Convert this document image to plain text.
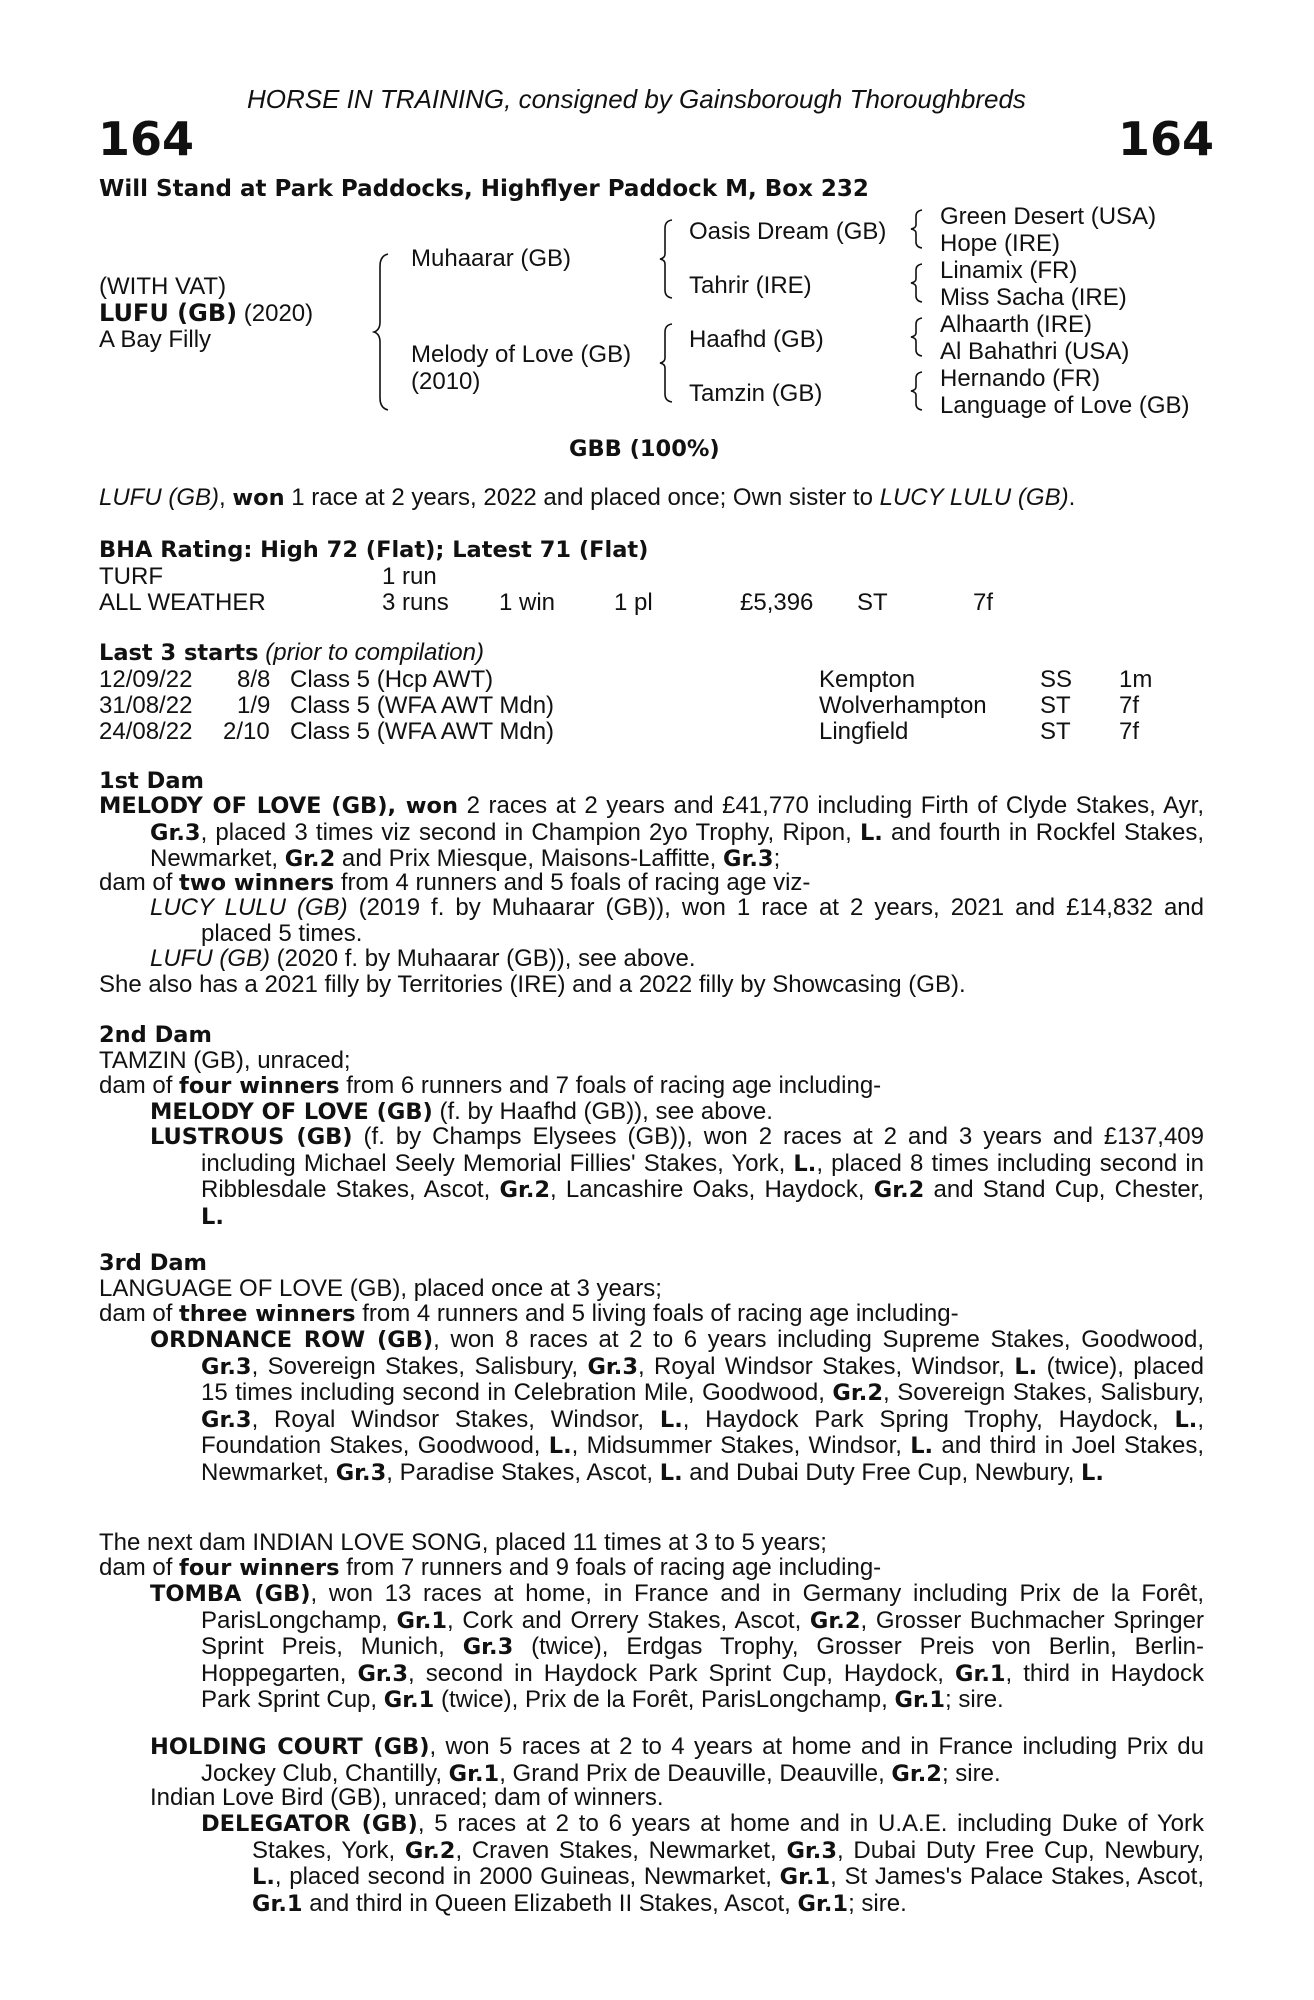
HORSE IN TRAINING, consigned by Gainsborough Thoroughbreds
164	164
Will Stand at Park Paddocks, Highflyer Paddock M, Box 232
(WITH VAT)
LUFU (GB) (2020)
A Bay Filly
Muhaarar (GB)
Melody of Love (GB)
(2010)
Oasis Dream (GB)
Tahrir (IRE)
Haafhd (GB)
Tamzin (GB)
Green Desert (USA)
Hope (IRE)
Linamix (FR)
Miss Sacha (IRE)
Alhaarth (IRE)
Al Bahathri (USA)
Hernando (FR)
Language of Love (GB)
GBB (100%)
LUFU (GB), won 1 race at 2 years, 2022 and placed once; Own sister to LUCY LULU (GB).
BHA Rating: High 72 (Flat); Latest 71 (Flat)
TURF	1 run
ALL WEATHER	3 runs 1 win 1 pl	£5,396 ST	7f
Last 3 starts (prior to compilation)
12/09/22 8/8 Class 5 (Hcp AWT)	Kempton	SS 1m
31/08/22 1/9 Class 5 (WFA AWT Mdn)	Wolverhampton ST 7f
24/08/22 2/10 Class 5 (WFA AWT Mdn)	Lingfield	ST 7f
1st Dam
MELODY OF LOVE (GB), won 2 races at 2 years and £41,770 including Firth of Clyde Stakes, Ayr, Gr.3, placed 3 times viz second in Champion 2yo Trophy, Ripon, L. and fourth in Rockfel Stakes, Newmarket, Gr.2 and Prix Miesque, Maisons-Laffitte, Gr.3;
dam of two winners from 4 runners and 5 foals of racing age viz-
LUCY LULU (GB) (2019 f. by Muhaarar (GB)), won 1 race at 2 years, 2021 and £14,832 and placed 5 times.
LUFU (GB) (2020 f. by Muhaarar (GB)), see above.
She also has a 2021 filly by Territories (IRE) and a 2022 filly by Showcasing (GB).
2nd Dam
TAMZIN (GB), unraced;
dam of four winners from 6 runners and 7 foals of racing age including-
MELODY OF LOVE (GB) (f. by Haafhd (GB)), see above.
LUSTROUS (GB) (f. by Champs Elysees (GB)), won 2 races at 2 and 3 years and £137,409 including Michael Seely Memorial Fillies' Stakes, York, L., placed 8 times including second in Ribblesdale Stakes, Ascot, Gr.2, Lancashire Oaks, Haydock, Gr.2 and Stand Cup, Chester, L.
3rd Dam
LANGUAGE OF LOVE (GB), placed once at 3 years;
dam of three winners from 4 runners and 5 living foals of racing age including-
ORDNANCE ROW (GB), won 8 races at 2 to 6 years including Supreme Stakes, Goodwood, Gr.3, Sovereign Stakes, Salisbury, Gr.3, Royal Windsor Stakes, Windsor, L. (twice), placed 15 times including second in Celebration Mile, Goodwood, Gr.2, Sovereign Stakes, Salisbury, Gr.3, Royal Windsor Stakes, Windsor, L., Haydock Park Spring Trophy, Haydock, L., Foundation Stakes, Goodwood, L., Midsummer Stakes, Windsor, L. and third in Joel Stakes, Newmarket, Gr.3, Paradise Stakes, Ascot, L. and Dubai Duty Free Cup, Newbury, L.
The next dam INDIAN LOVE SONG, placed 11 times at 3 to 5 years;
dam of four winners from 7 runners and 9 foals of racing age including-
TOMBA (GB), won 13 races at home, in France and in Germany including Prix de la Forêt, ParisLongchamp, Gr.1, Cork and Orrery Stakes, Ascot, Gr.2, Grosser Buchmacher Springer Sprint Preis, Munich, Gr.3 (twice), Erdgas Trophy, Grosser Preis von Berlin, Berlin-Hoppegarten, Gr.3, second in Haydock Park Sprint Cup, Haydock, Gr.1, third in Haydock Park Sprint Cup, Gr.1 (twice), Prix de la Forêt, ParisLongchamp, Gr.1; sire.
HOLDING COURT (GB), won 5 races at 2 to 4 years at home and in France including Prix du Jockey Club, Chantilly, Gr.1, Grand Prix de Deauville, Deauville, Gr.2; sire.
Indian Love Bird (GB), unraced; dam of winners.
DELEGATOR (GB), 5 races at 2 to 6 years at home and in U.A.E. including Duke of York Stakes, York, Gr.2, Craven Stakes, Newmarket, Gr.3, Dubai Duty Free Cup, Newbury, L., placed second in 2000 Guineas, Newmarket, Gr.1, St James's Palace Stakes, Ascot, Gr.1 and third in Queen Elizabeth II Stakes, Ascot, Gr.1; sire.
